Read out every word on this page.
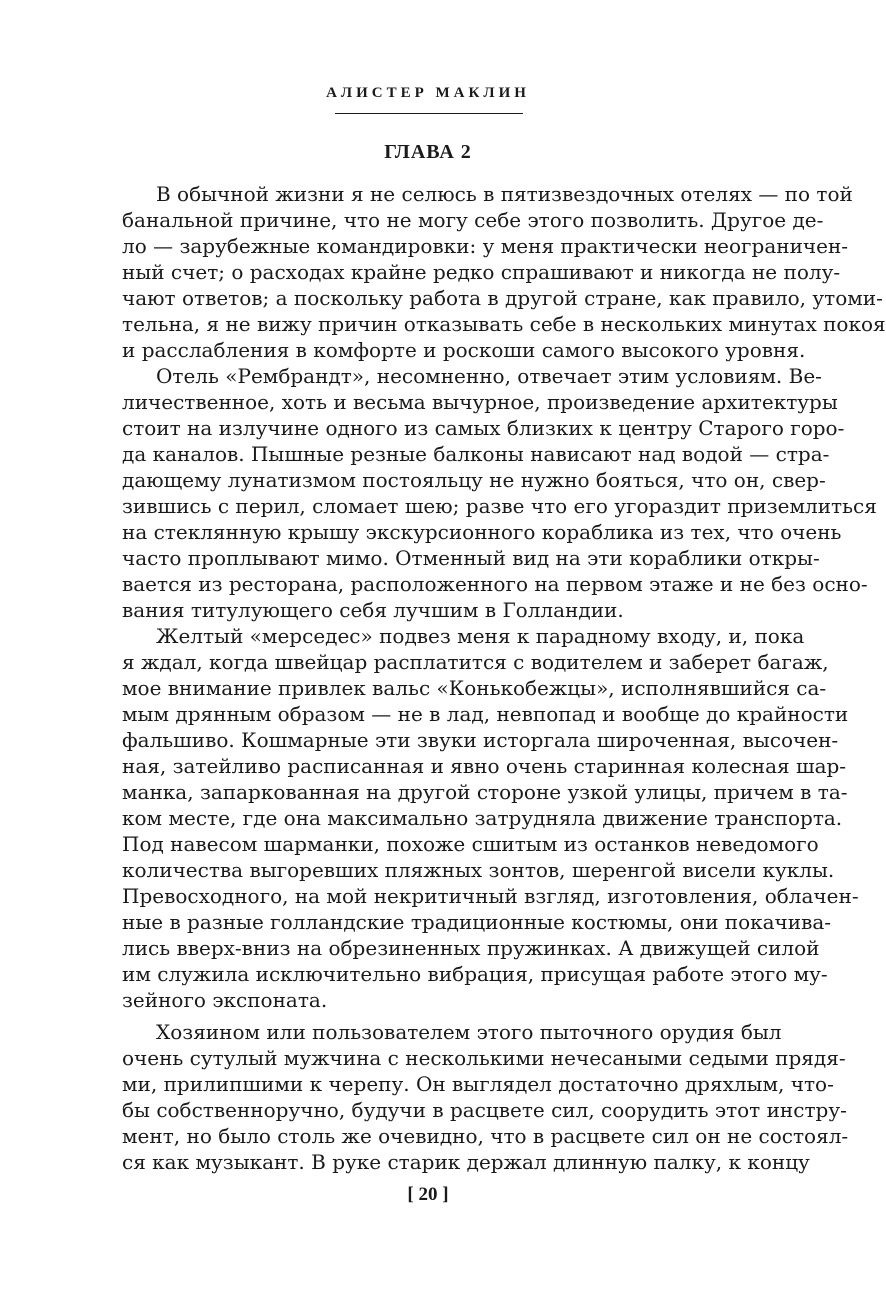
АЛИСТЕР МАКЛИН
ГЛАВА 2
В обычной жизни я не селюсь в пятизвездочных отелях — по той
банальной причине, что не могу себе этого позволить. Другое де-
ло — зарубежные командировки: у меня практически неограничен-
ный счет; о расходах крайне редко спрашивают и никогда не полу-
чают ответов; а поскольку работа в другой стране, как правило, утоми-
тельна, я не вижу причин отказывать себе в нескольких минутах покоя
и расслабления в комфорте и роскоши самого высокого уровня.
Отель «Рембрандт», несомненно, отвечает этим условиям. Ве-
личественное, хоть и весьма вычурное, произведение архитектуры
стоит на излучине одного из самых близких к центру Старого горо-
да каналов. Пышные резные балконы нависают над водой — стра-
дающему лунатизмом постояльцу не нужно бояться, что он, свер-
зившись с перил, сломает шею; разве что его угораздит приземлиться
на стеклянную крышу экскурсионного кораблика из тех, что очень
часто проплывают мимо. Отменный вид на эти кораблики откры-
вается из ресторана, расположенного на первом этаже и не без осно-
вания титулующего себя лучшим в Голландии.
Желтый «мерседес» подвез меня к парадному входу, и, пока
я ждал, когда швейцар расплатится с водителем и заберет багаж,
мое внимание привлек вальс «Конькобежцы», исполнявшийся са-
мым дрянным образом — не в лад, невпопад и вообще до крайности
фальшиво. Кошмарные эти звуки исторгала широченная, высочен-
ная, затейливо расписанная и явно очень старинная колесная шар-
манка, запаркованная на другой стороне узкой улицы, причем в та-
ком месте, где она максимально затрудняла движение транспорта.
Под навесом шарманки, похоже сшитым из останков неведомого
количества выгоревших пляжных зонтов, шеренгой висели куклы.
Превосходного, на мой некритичный взгляд, изготовления, облачен-
ные в разные голландские традиционные костюмы, они покачива-
лись вверх-вниз на обрезиненных пружинках. А движущей силой
им служила исключительно вибрация, присущая работе этого му-
зейного экспоната.
Хозяином или пользователем этого пыточного орудия был
очень сутулый мужчина с несколькими нечесаными седыми прядя-
ми, прилипшими к черепу. Он выглядел достаточно дряхлым, что-
бы собственноручно, будучи в расцвете сил, соорудить этот инстру-
мент, но было столь же очевидно, что в расцвете сил он не состоял-
ся как музыкант. В руке старик держал длинную палку, к концу
[ 20 ]
